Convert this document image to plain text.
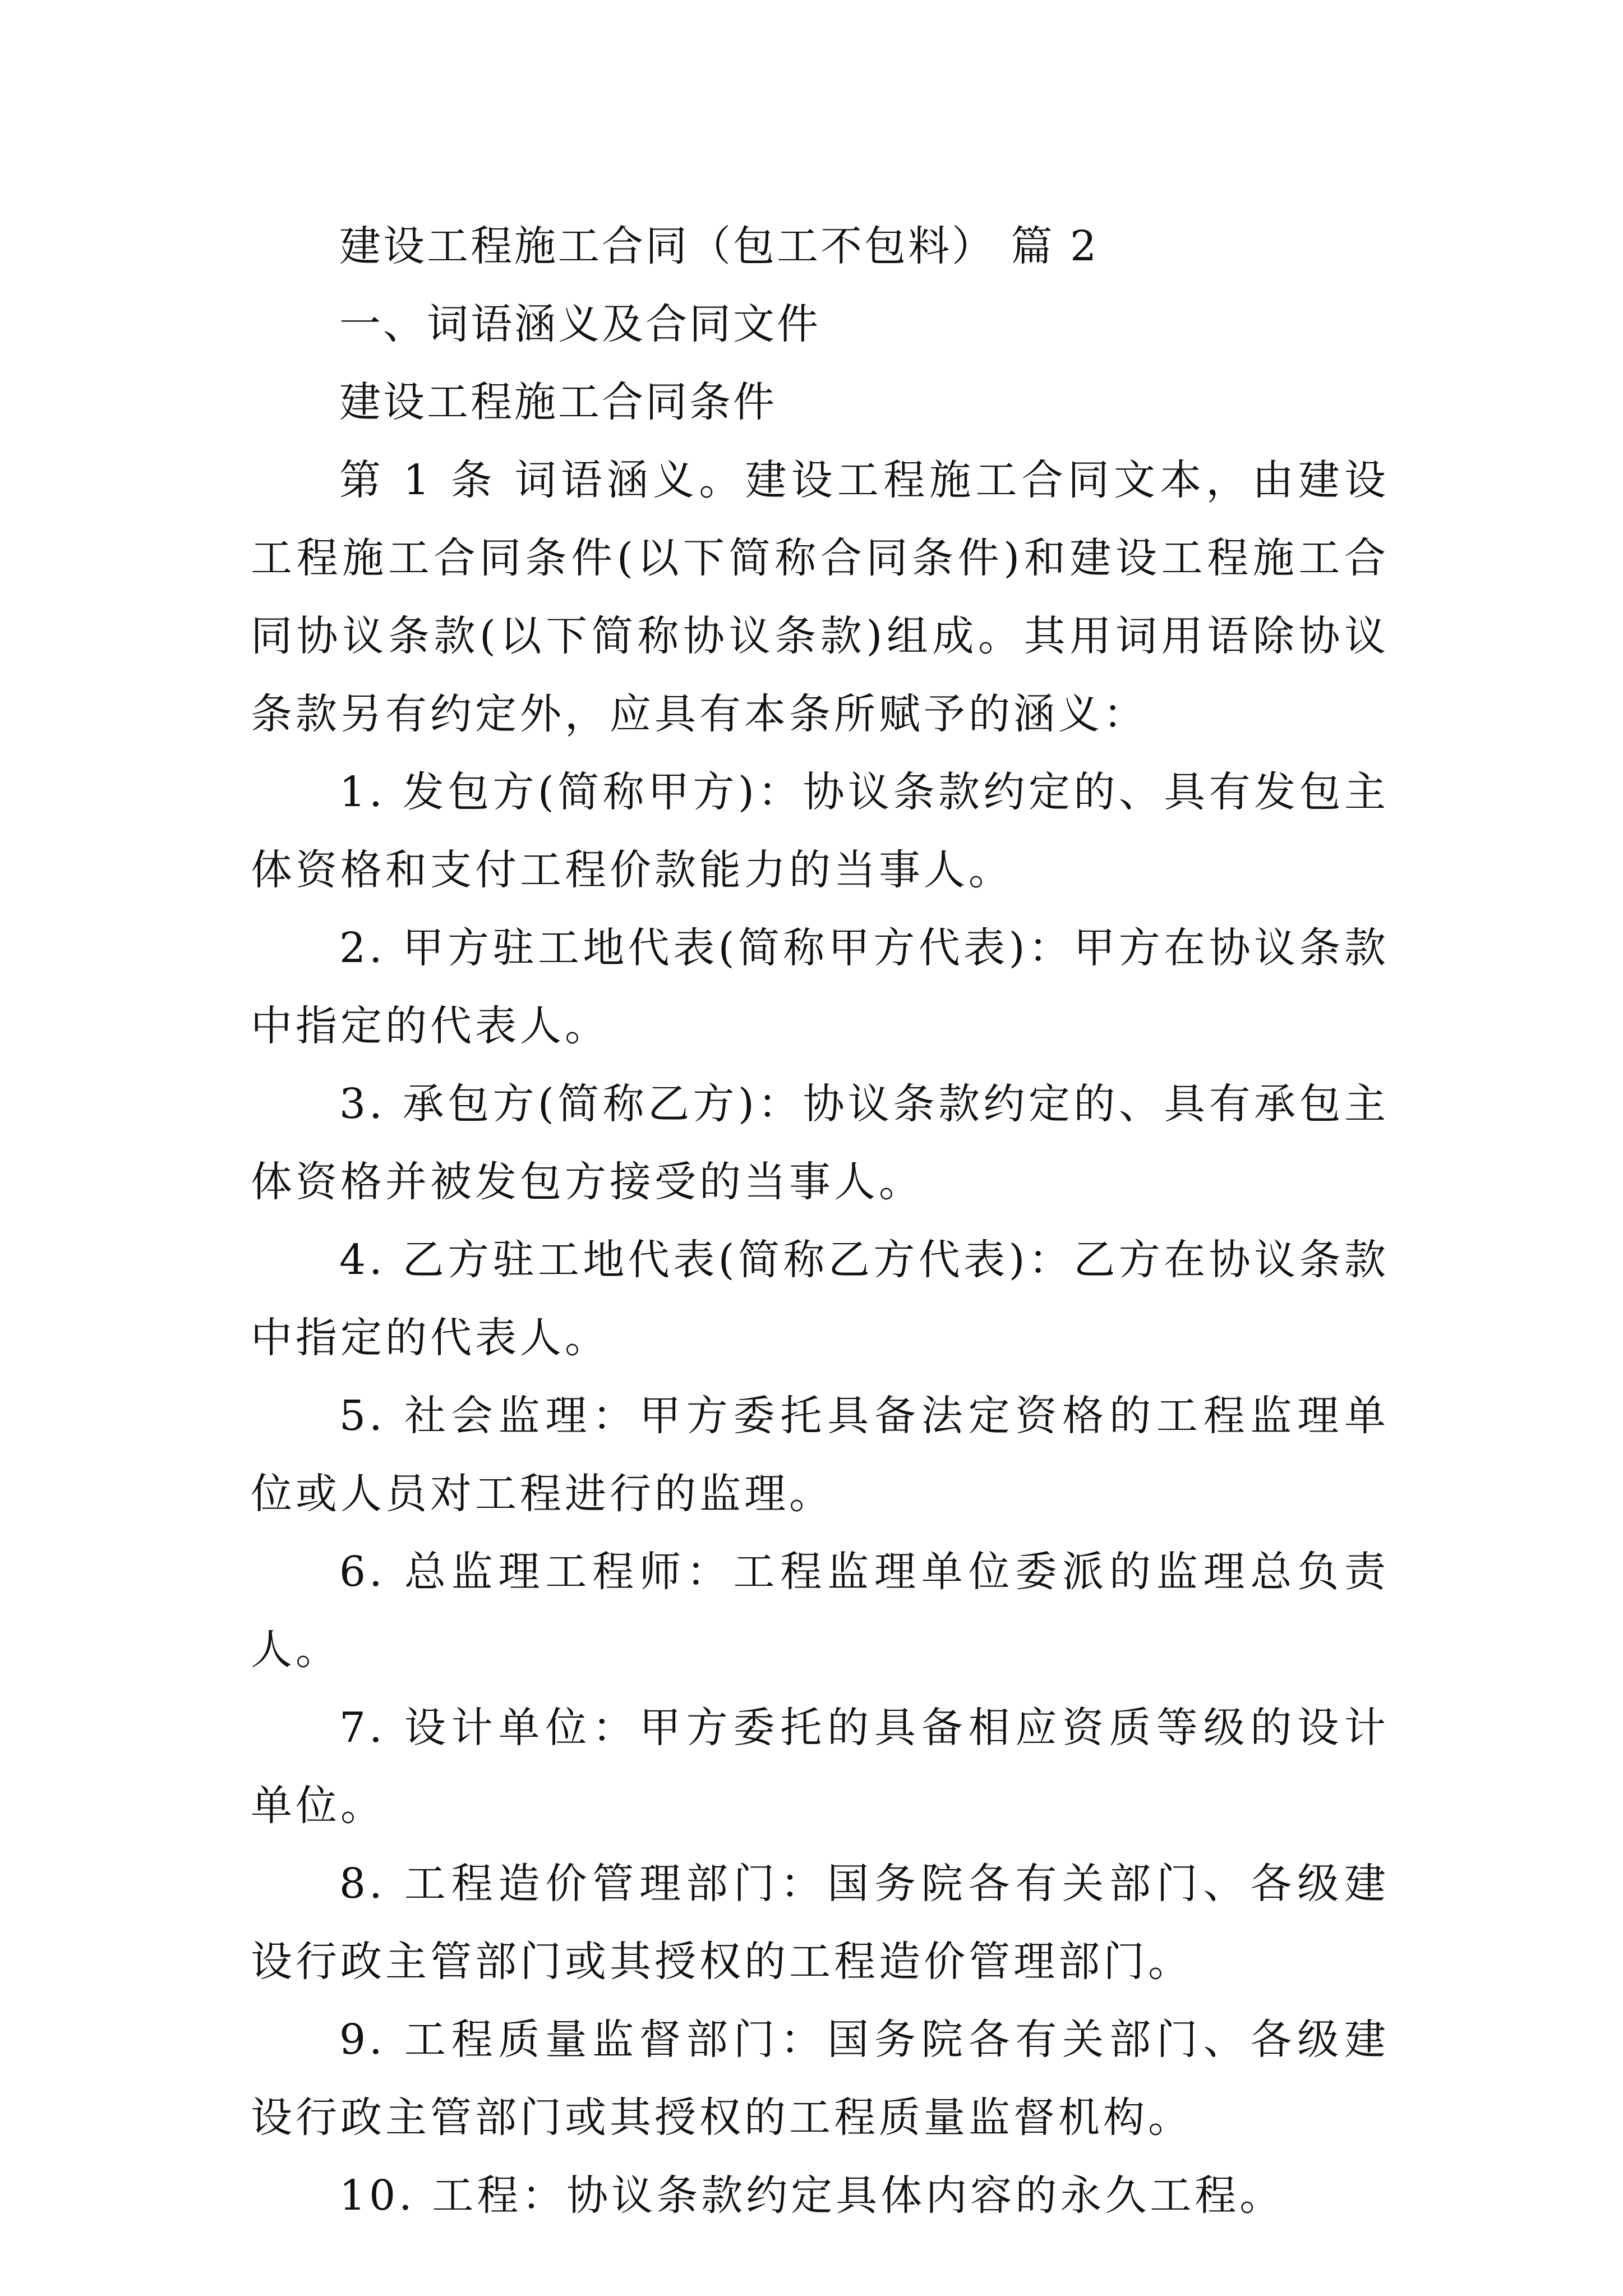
建设工程施工合同（包工不包料） 篇 2
一、词语涵义及合同文件
建设工程施工合同条件

第 1 条 词语涵义。建设工程施工合同文本，由建设工程施工合同条件(以下简称合同条件)和建设工程施工合同协议条款(以下简称协议条款)组成。其用词用语除协议条款另有约定外，应具有本条所赋予的涵义：

1. 发包方(简称甲方)：协议条款约定的、具有发包主体资格和支付工程价款能力的当事人。

2. 甲方驻工地代表(简称甲方代表)：甲方在协议条款中指定的代表人。

3. 承包方(简称乙方)：协议条款约定的、具有承包主体资格并被发包方接受的当事人。

4. 乙方驻工地代表(简称乙方代表)：乙方在协议条款中指定的代表人。

5. 社会监理：甲方委托具备法定资格的工程监理单位或人员对工程进行的监理。

6. 总监理工程师：工程监理单位委派的监理总负责人。

7. 设计单位：甲方委托的具备相应资质等级的设计单位。

8. 工程造价管理部门：国务院各有关部门、各级建设行政主管部门或其授权的工程造价管理部门。

9. 工程质量监督部门：国务院各有关部门、各级建设行政主管部门或其授权的工程质量监督机构。

10. 工程：协议条款约定具体内容的永久工程。
